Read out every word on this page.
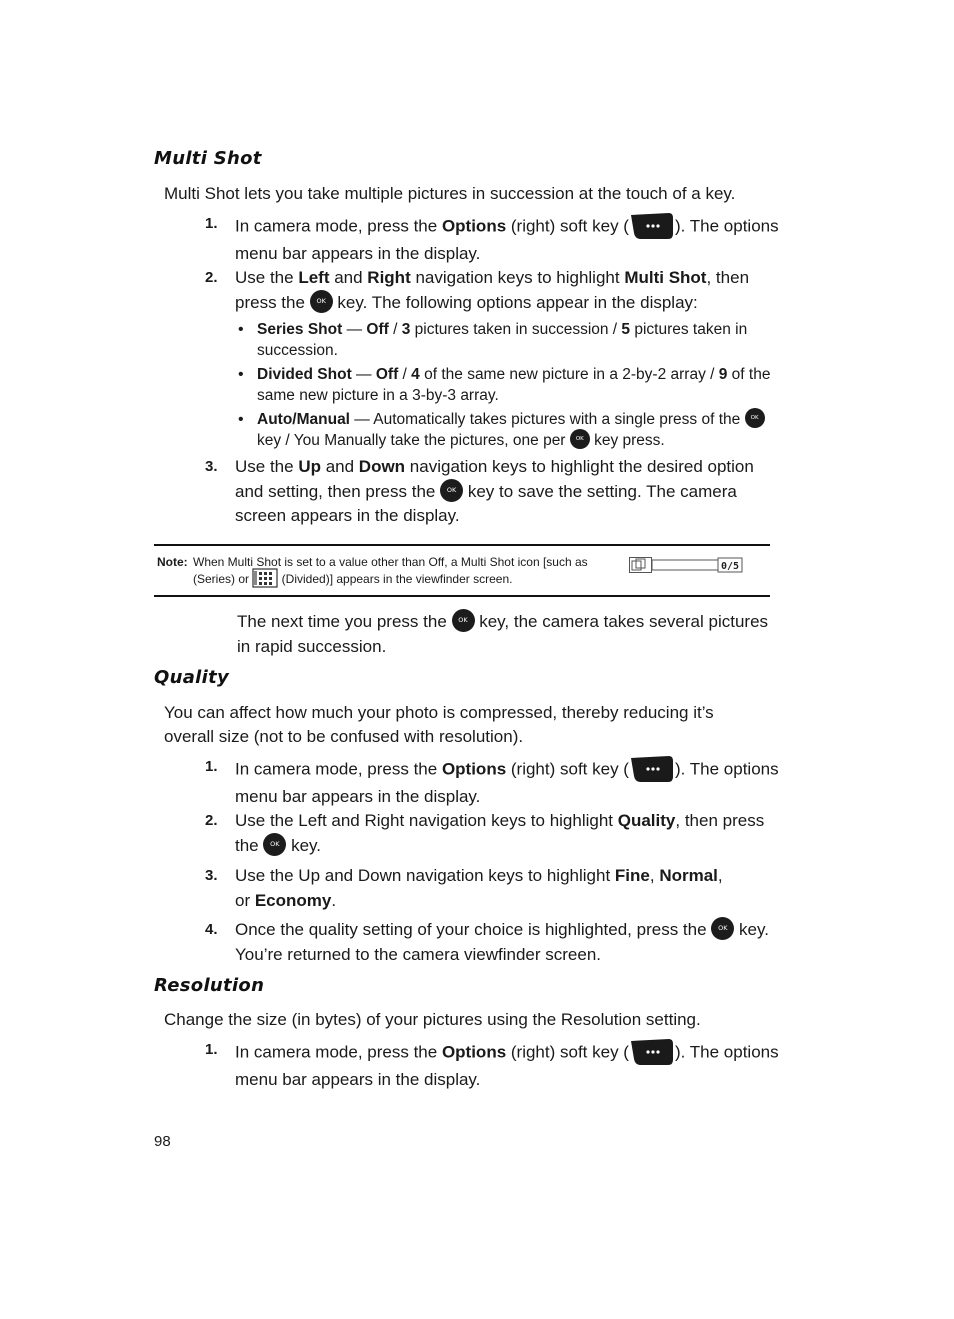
Multi Shot

Multi Shot lets you take multiple pictures in succession at the touch of a key.

1. In camera mode, press the Options (right) soft key (	). The options menu bar appears in the display.
2. Use the Left and Right navigation keys to highlight Multi Shot, then press the OK key. The following options appear in the display:
• Series Shot — Off / 3 pictures taken in succession / 5 pictures taken in succession.
• Divided Shot — Off / 4 of the same new picture in a 2-by-2 array / 9 of the same new picture in a 3-by-3 array.
• Auto/Manual — Automatically takes pictures with a single press of the OK key / You Manually take the pictures, one per OK key press.
3. Use the Up and Down navigation keys to highlight the desired option and setting, then press the OK key to save the setting. The camera screen appears in the display.
Note: When Multi Shot is set to a value other than Off, a Multi Shot icon [such as
(Series) or  (Divided)] appears in the viewfinder screen.
0/5
The next time you press the OK key, the camera takes several pictures in rapid succession.
Quality

You can affect how much your photo is compressed, thereby reducing it’s overall size (not to be confused with resolution).

1. In camera mode, press the Options (right) soft key (	). The options menu bar appears in the display.
2. Use the Left and Right navigation keys to highlight Quality, then press the OK key.
3. Use the Up and Down navigation keys to highlight Fine, Normal, or Economy.
4. Once the quality setting of your choice is highlighted, press the OK key. You’re returned to the camera viewfinder screen.
Resolution

Change the size (in bytes) of your pictures using the Resolution setting.

1. In camera mode, press the Options (right) soft key (	). The options menu bar appears in the display.
98
